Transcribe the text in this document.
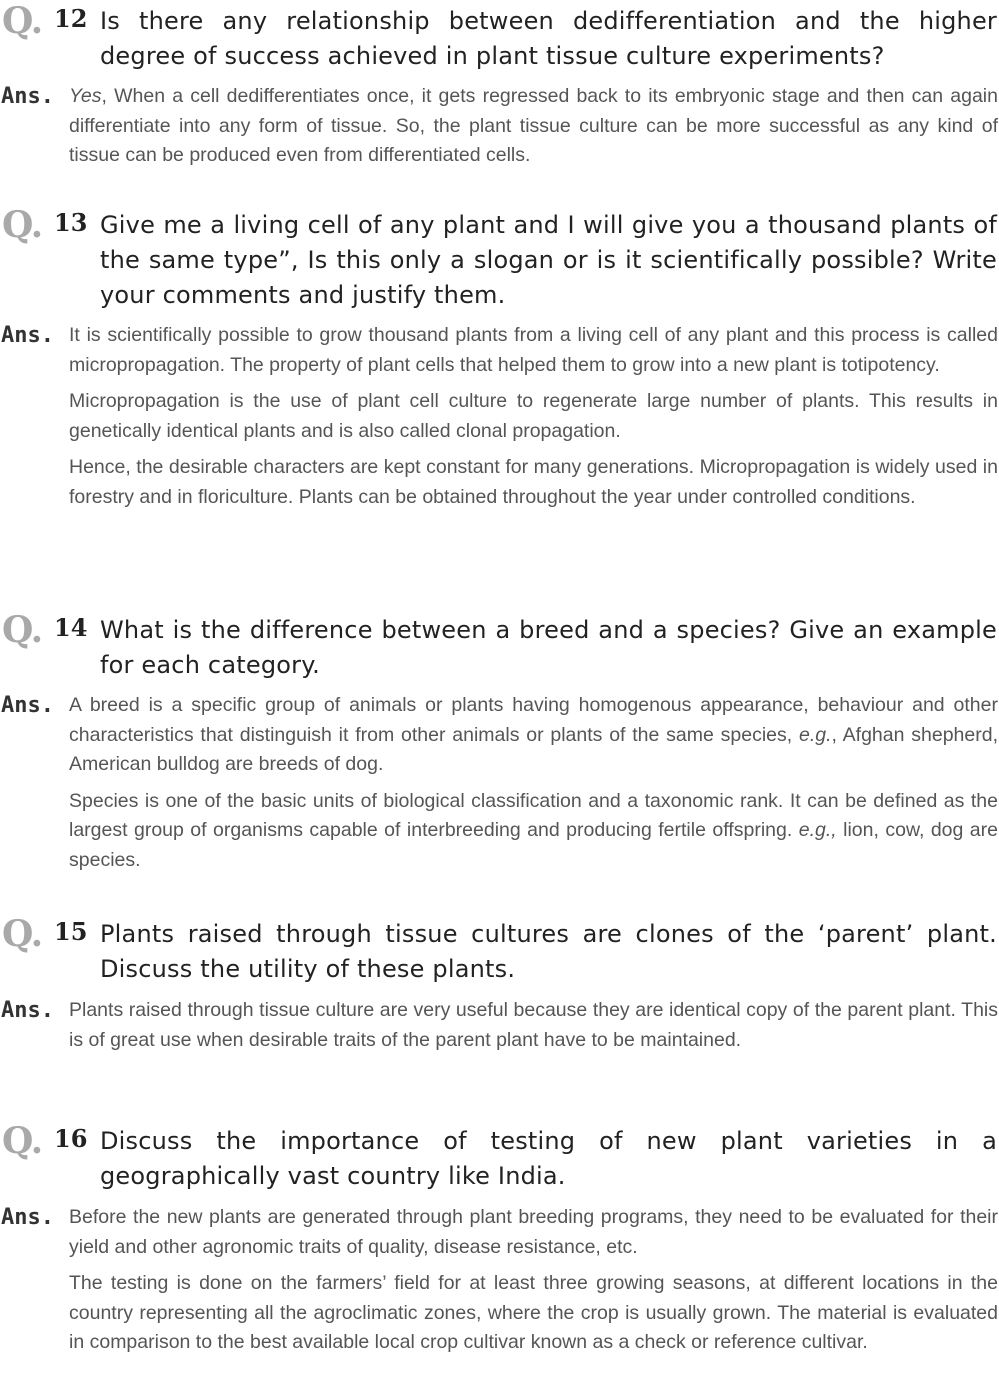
Q. 12 Is there any relationship between dedifferentiation and the higher degree of success achieved in plant tissue culture experiments?
Ans. Yes, When a cell dedifferentiates once, it gets regressed back to its embryonic stage and then can again differentiate into any form of tissue. So, the plant tissue culture can be more successful as any kind of tissue can be produced even from differentiated cells.

Q. 13 Give me a living cell of any plant and I will give you a thousand plants of the same type”, Is this only a slogan or is it scientifically possible? Write your comments and justify them.
Ans. It is scientifically possible to grow thousand plants from a living cell of any plant and this process is called micropropagation. The property of plant cells that helped them to grow into a new plant is totipotency.

Micropropagation is the use of plant cell culture to regenerate large number of plants. This results in genetically identical plants and is also called clonal propagation.

Hence, the desirable characters are kept constant for many generations. Micropropagation is widely used in forestry and in floriculture. Plants can be obtained throughout the year under controlled conditions.

Q. 14 What is the difference between a breed and a species? Give an example for each category.
Ans. A breed is a specific group of animals or plants having homogenous appearance, behaviour and other characteristics that distinguish it from other animals or plants of the same species, e.g., Afghan shepherd, American bulldog are breeds of dog.

Species is one of the basic units of biological classification and a taxonomic rank. It can be defined as the largest group of organisms capable of interbreeding and producing fertile offspring. e.g., lion, cow, dog are species.

Q. 15 Plants raised through tissue cultures are clones of the ‘parent’ plant. Discuss the utility of these plants.
Ans. Plants raised through tissue culture are very useful because they are identical copy of the parent plant. This is of great use when desirable traits of the parent plant have to be maintained.

Q. 16 Discuss the importance of testing of new plant varieties in a geographically vast country like India.
Ans. Before the new plants are generated through plant breeding programs, they need to be evaluated for their yield and other agronomic traits of quality, disease resistance, etc.

The testing is done on the farmers’ field for at least three growing seasons, at different locations in the country representing all the agroclimatic zones, where the crop is usually grown. The material is evaluated in comparison to the best available local crop cultivar known as a check or reference cultivar.
